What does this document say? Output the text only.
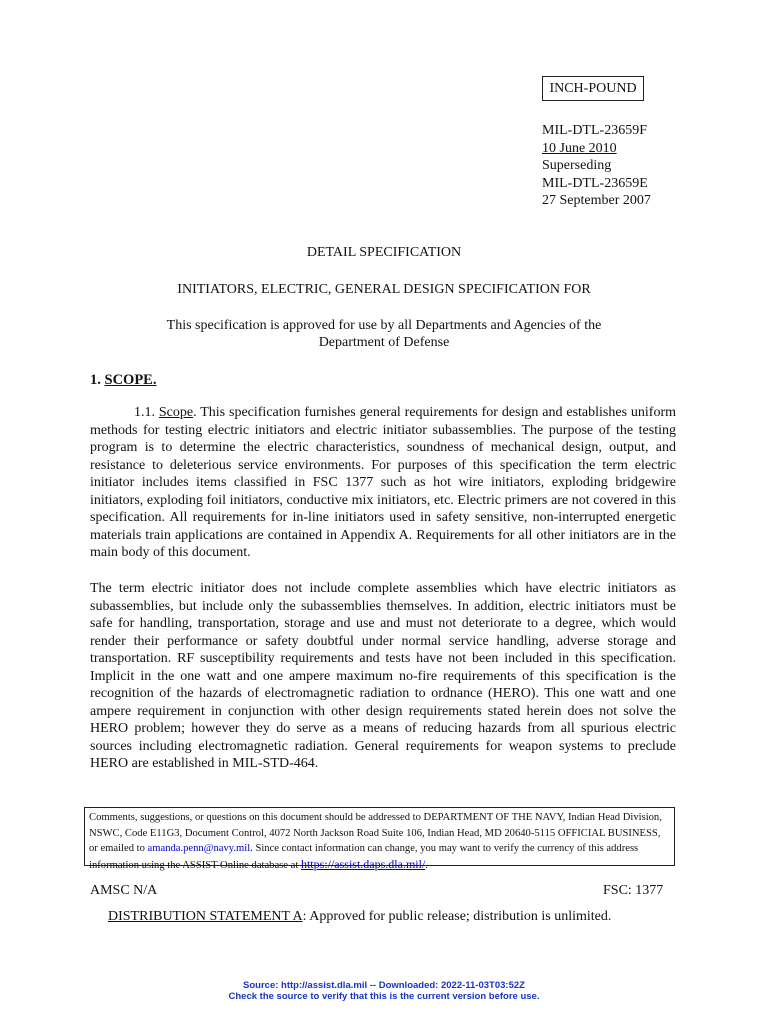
INCH-POUND
MIL-DTL-23659F
10 June 2010
Superseding
MIL-DTL-23659E
27 September 2007
DETAIL SPECIFICATION
INITIATORS, ELECTRIC, GENERAL DESIGN SPECIFICATION FOR
This specification is approved for use by all Departments and Agencies of the
Department of Defense
1. SCOPE.

1.1. Scope. This specification furnishes general requirements for design and establishes uniform methods for testing electric initiators and electric initiator subassemblies. The purpose of the testing program is to determine the electric characteristics, soundness of mechanical design, output, and resistance to deleterious service environments. For purposes of this specification the term electric initiator includes items classified in FSC 1377 such as hot wire initiators, exploding bridgewire initiators, exploding foil initiators, conductive mix initiators, etc. Electric primers are not covered in this specification. All requirements for in-line initiators used in safety sensitive, non-interrupted energetic materials train applications are contained in Appendix A. Requirements for all other initiators are in the main body of this document.

The term electric initiator does not include complete assemblies which have electric initiators as subassemblies, but include only the subassemblies themselves. In addition, electric initiators must be safe for handling, transportation, storage and use and must not deteriorate to a degree, which would render their performance or safety doubtful under normal service handling, adverse storage and transportation. RF susceptibility requirements and tests have not been included in this specification. Implicit in the one watt and one ampere maximum no-fire requirements of this specification is the recognition of the hazards of electromagnetic radiation to ordnance (HERO). This one watt and one ampere requirement in conjunction with other design requirements stated herein does not solve the HERO problem; however they do serve as a means of reducing hazards from all spurious electric sources including electromagnetic radiation. General requirements for weapon systems to preclude HERO are established in MIL-STD-464.

Comments, suggestions, or questions on this document should be addressed to DEPARTMENT OF THE NAVY, Indian Head Division, NSWC, Code E11G3, Document Control, 4072 North Jackson Road Suite 106, Indian Head, MD 20640-5115 OFFICIAL BUSINESS, or emailed to amanda.penn@navy.mil. Since contact information can change, you may want to verify the currency of this address information using the ASSIST Online database at https://assist.daps.dla.mil/.
AMSC N/A	FSC: 1377
DISTRIBUTION STATEMENT A: Approved for public release; distribution is unlimited.
Source: http://assist.dla.mil -- Downloaded: 2022-11-03T03:52Z
Check the source to verify that this is the current version before use.
